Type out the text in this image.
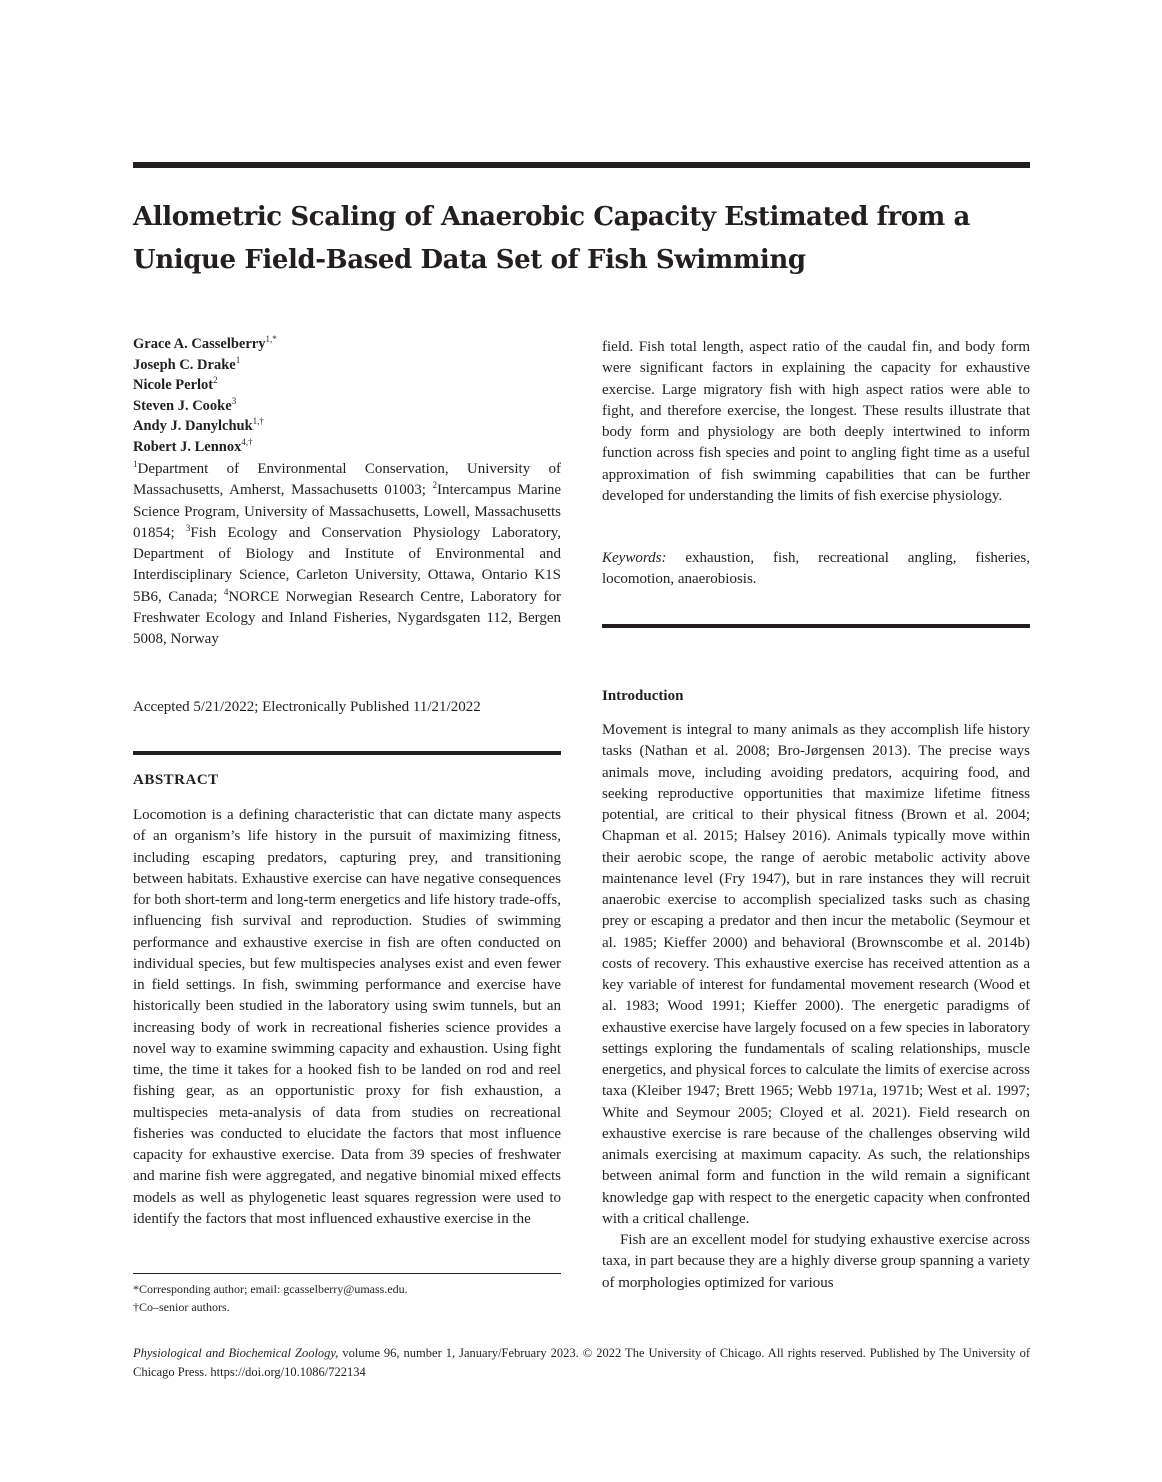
Allometric Scaling of Anaerobic Capacity Estimated from a
Unique Field-Based Data Set of Fish Swimming
Grace A. Casselberry$^{1,*}$
Joseph C. Drake$^1$
Nicole Perlot$^2$
Steven J. Cooke$^3$
Andy J. Danylchuk$^{1,\dagger}$
Robert J. Lennox$^{4,\dagger}$
$^1$Department of Environmental Conservation, University of Massachusetts, Amherst, Massachusetts 01003; $^2$Intercampus Marine Science Program, University of Massachusetts, Lowell, Massachusetts 01854; $^3$Fish Ecology and Conservation Physiology Laboratory, Department of Biology and Institute of Environmental and Interdisciplinary Science, Carleton University, Ottawa, Ontario K1S 5B6, Canada; $^4$NORCE Norwegian Research Centre, Laboratory for Freshwater Ecology and Inland Fisheries, Nygardsgaten 112, Bergen 5008, Norway
Accepted 5/21/2022; Electronically Published 11/21/2022
ABSTRACT

Locomotion is a defining characteristic that can dictate many aspects of an organism’s life history in the pursuit of maximizing fitness, including escaping predators, capturing prey, and transitioning between habitats. Exhaustive exercise can have negative consequences for both short-term and long-term energetics and life history trade-offs, influencing fish survival and reproduction. Studies of swimming performance and exhaustive exercise in fish are often conducted on individual species, but few multispecies analyses exist and even fewer in field settings. In fish, swimming performance and exercise have historically been studied in the laboratory using swim tunnels, but an increasing body of work in recreational fisheries science provides a novel way to examine swimming capacity and exhaustion. Using fight time, the time it takes for a hooked fish to be landed on rod and reel fishing gear, as an opportunistic proxy for fish exhaustion, a multispecies meta-analysis of data from studies on recreational fisheries was conducted to elucidate the factors that most influence capacity for exhaustive exercise. Data from 39 species of freshwater and marine fish were aggregated, and negative binomial mixed effects models as well as phylogenetic least squares regression were used to identify the factors that most influenced exhaustive exercise in the

field. Fish total length, aspect ratio of the caudal fin, and body form were significant factors in explaining the capacity for exhaustive exercise. Large migratory fish with high aspect ratios were able to fight, and therefore exercise, the longest. These results illustrate that body form and physiology are both deeply intertwined to inform function across fish species and point to angling fight time as a useful approximation of fish swimming capabilities that can be further developed for understanding the limits of fish exercise physiology.

Keywords: exhaustion, fish, recreational angling, fisheries, locomotion, anaerobiosis.

Introduction

Movement is integral to many animals as they accomplish life history tasks (Nathan et al. 2008; Bro-Jørgensen 2013). The precise ways animals move, including avoiding predators, acquiring food, and seeking reproductive opportunities that maximize lifetime fitness potential, are critical to their physical fitness (Brown et al. 2004; Chapman et al. 2015; Halsey 2016). Animals typically move within their aerobic scope, the range of aerobic metabolic activity above maintenance level (Fry 1947), but in rare instances they will recruit anaerobic exercise to accomplish specialized tasks such as chasing prey or escaping a predator and then incur the metabolic (Seymour et al. 1985; Kieffer 2000) and behavioral (Brownscombe et al. 2014b) costs of recovery. This exhaustive exercise has received attention as a key variable of interest for fundamental movement research (Wood et al. 1983; Wood 1991; Kieffer 2000). The energetic paradigms of exhaustive exercise have largely focused on a few species in laboratory settings exploring the fundamentals of scaling relationships, muscle energetics, and physical forces to calculate the limits of exercise across taxa (Kleiber 1947; Brett 1965; Webb 1971a, 1971b; West et al. 1997; White and Seymour 2005; Cloyed et al. 2021). Field research on exhaustive exercise is rare because of the challenges observing wild animals exercising at maximum capacity. As such, the relationships between animal form and function in the wild remain a significant knowledge gap with respect to the energetic capacity when confronted with a critical challenge.

Fish are an excellent model for studying exhaustive exercise across taxa, in part because they are a highly diverse group spanning a variety of morphologies optimized for various

*Corresponding author; email: gcasselberry@umass.edu.
†Co–senior authors.
Physiological and Biochemical Zoology, volume 96, number 1, January/February 2023. © 2022 The University of Chicago. All rights reserved. Published by The University of Chicago Press. https://doi.org/10.1086/722134
